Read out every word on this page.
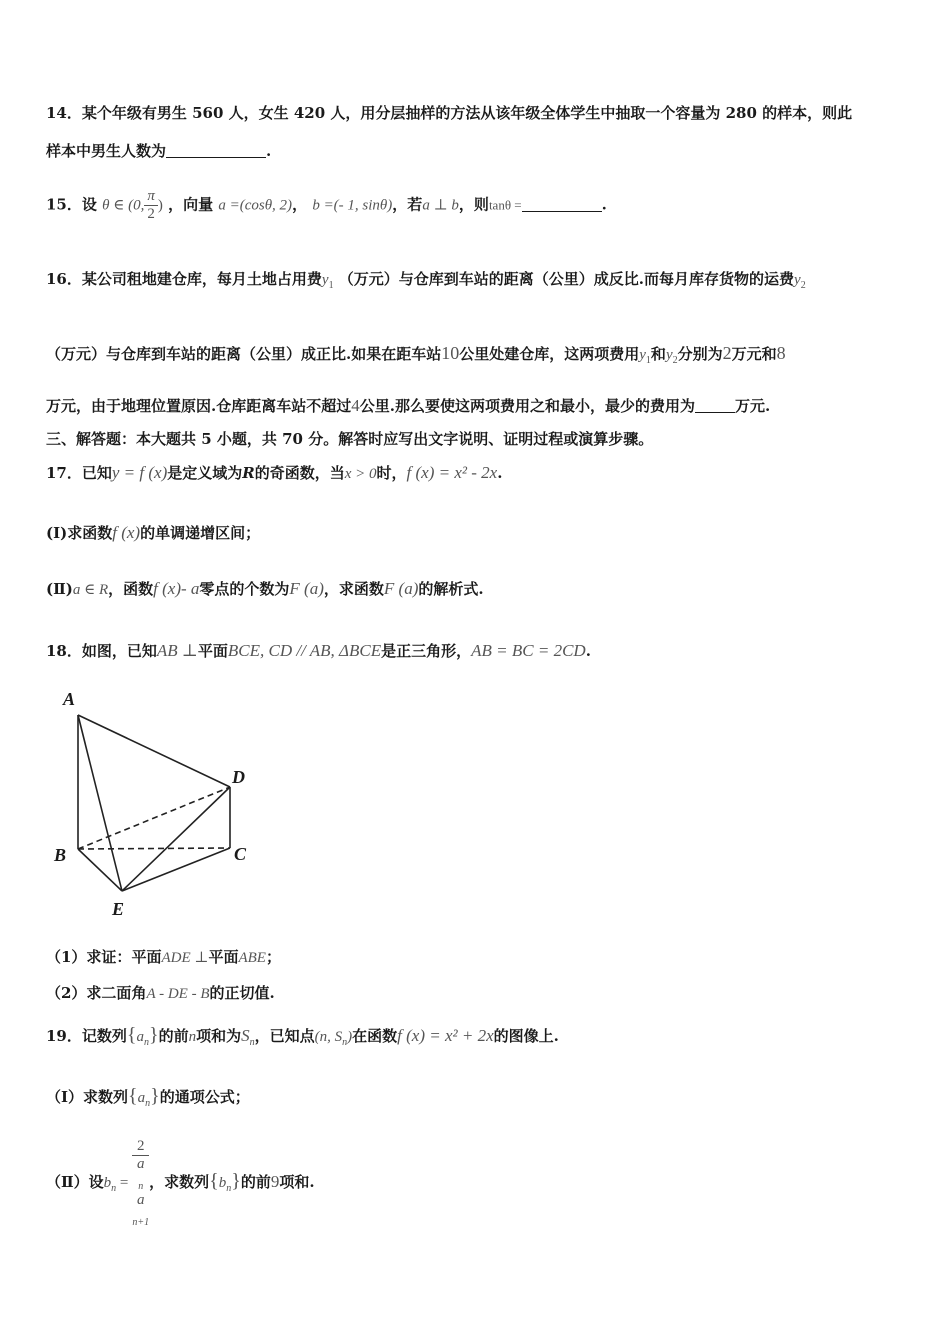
14．某个年级有男生 560 人，女生 420 人，用分层抽样的方法从该年级全体学生中抽取一个容量为 280 的样本，则此
样本中男生人数为	.
15．设 θ ∈ (0, $\frac{\pi}{2}$ ) ，向量 a =(cosθ, 2)， b =(- 1, sinθ)，若a ⊥ b，则tanθ =	.
16．某公司租地建仓库，每月土地占用费$y_1$ （万元）与仓库到车站的距离（公里）成反比.而每月库存货物的运费$y_2$
（万元）与仓库到车站的距离（公里）成正比.如果在距车站10公里处建仓库，这两项费用$y_1$和$y_2$分别为2万元和8
万元，由于地理位置原因.仓库距离车站不超过4公里.那么要使这两项费用之和最小，最少的费用为	万元.
三、解答题：本大题共 5 小题，共 70 分。解答时应写出文字说明、证明过程或演算步骤。
17．已知y = f (x)是定义域为R的奇函数，当x > 0时，f (x) = x² - 2x.
(Ⅰ)求函数f (x)的单调递增区间；
(Ⅱ)a ∈ R，函数f (x)- a零点的个数为F (a)，求函数F (a)的解析式.
18．如图，已知AB ⊥平面BCE, CD // AB, ΔBCE是正三角形，AB = BC = 2CD.
A
B	C
D
E
（1）求证：平面ADE ⊥平面ABE；
（2）求二面角A - DE - B的正切值.
19．记数列$\{a_n\}$的前n项和为$S_n$，已知点(n, $S_n$)在函数f (x) = x² + 2x的图像上.
（Ⅰ）求数列$\{a_n\}$的通项公式；
（Ⅱ）设$b_n = 2$
a
$_n$
a
$_{n+1}$ ，求数列$\{b_n\}$的前9项和.
